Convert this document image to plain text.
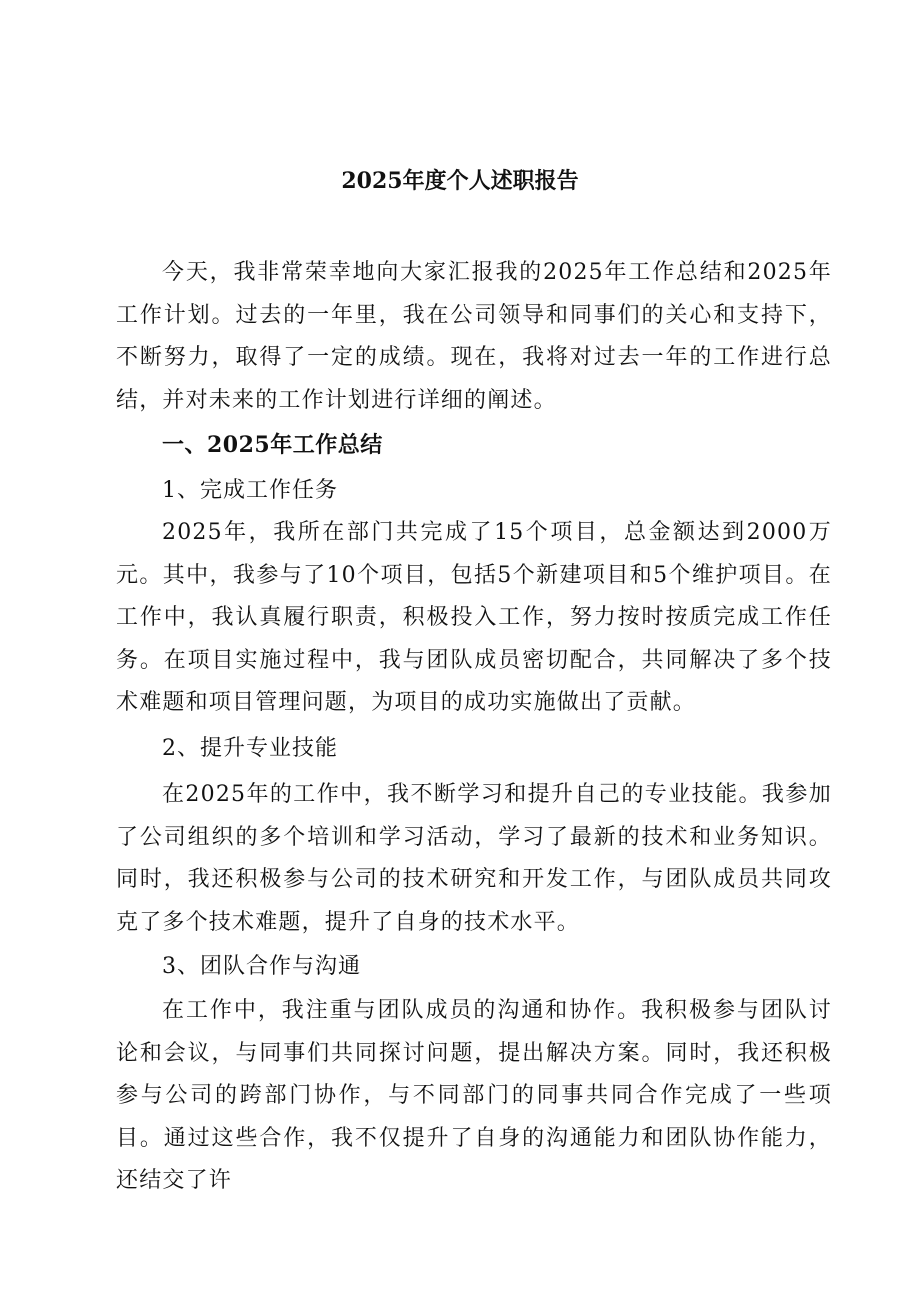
2025年度个人述职报告

今天，我非常荣幸地向大家汇报我的2025年工作总结和2025年工作计划。过去的一年里，我在公司领导和同事们的关心和支持下，不断努力，取得了一定的成绩。现在，我将对过去一年的工作进行总结，并对未来的工作计划进行详细的阐述。

一、2025年工作总结
1、完成工作任务

2025年，我所在部门共完成了15个项目，总金额达到2000万元。其中，我参与了10个项目，包括5个新建项目和5个维护项目。在工作中，我认真履行职责，积极投入工作，努力按时按质完成工作任务。在项目实施过程中，我与团队成员密切配合，共同解决了多个技术难题和项目管理问题，为项目的成功实施做出了贡献。

2、提升专业技能

在2025年的工作中，我不断学习和提升自己的专业技能。我参加了公司组织的多个培训和学习活动，学习了最新的技术和业务知识。同时，我还积极参与公司的技术研究和开发工作，与团队成员共同攻克了多个技术难题，提升了自身的技术水平。

3、团队合作与沟通

在工作中，我注重与团队成员的沟通和协作。我积极参与团队讨论和会议，与同事们共同探讨问题，提出解决方案。同时，我还积极参与公司的跨部门协作，与不同部门的同事共同合作完成了一些项目。通过这些合作，我不仅提升了自身的沟通能力和团队协作能力，还结交了许
